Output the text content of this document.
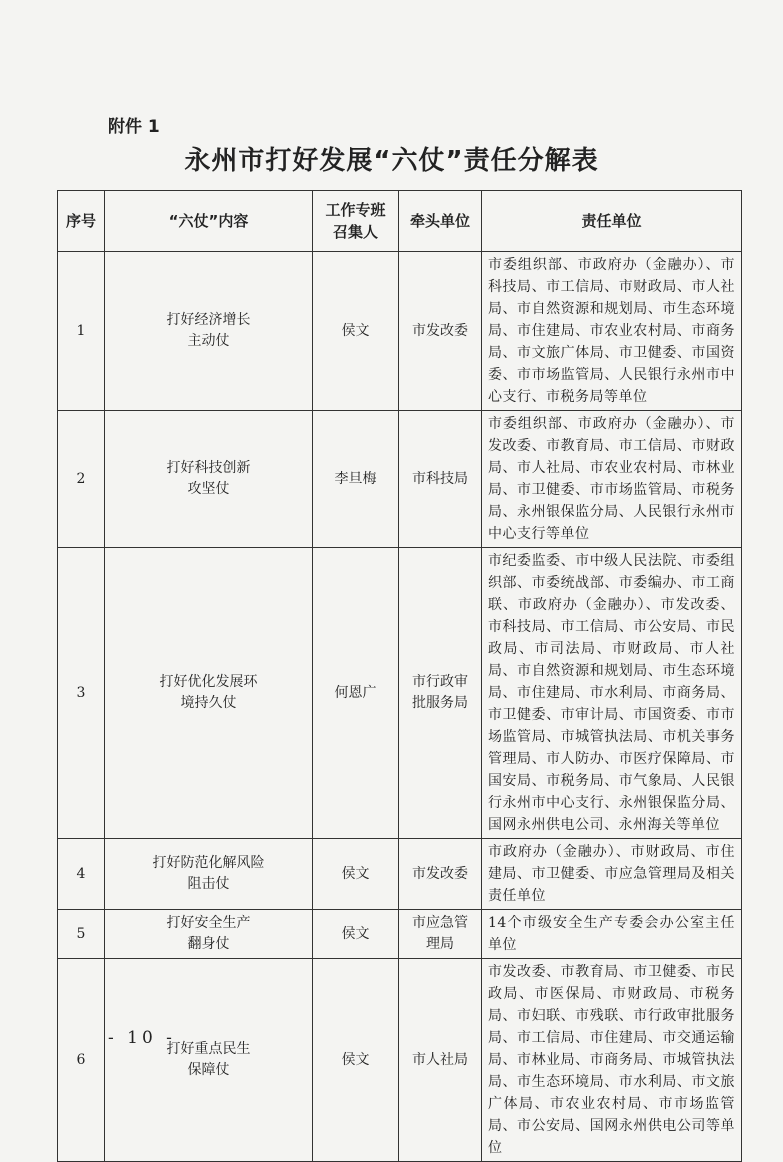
附件 1
永州市打好发展“六仗”责任分解表
序号	“六仗”内容	工作专班召集人	牵头单位	责任单位
1	打好经济增长主动仗	侯文	市发改委	市委组织部、市政府办（金融办）、市科技局、市工信局、市财政局、市人社局、市自然资源和规划局、市生态环境局、市住建局、市农业农村局、市商务局、市文旅广体局、市卫健委、市国资委、市市场监管局、人民银行永州市中心支行、市税务局等单位
2	打好科技创新攻坚仗	李旦梅	市科技局	市委组织部、市政府办（金融办）、市发改委、市教育局、市工信局、市财政局、市人社局、市农业农村局、市林业局、市卫健委、市市场监管局、市税务局、永州银保监分局、人民银行永州市中心支行等单位
3	打好优化发展环境持久仗	何恩广	市行政审批服务局	市纪委监委、市中级人民法院、市委组织部、市委统战部、市委编办、市工商联、市政府办（金融办）、市发改委、市科技局、市工信局、市公安局、市民政局、市司法局、市财政局、市人社局、市自然资源和规划局、市生态环境局、市住建局、市水利局、市商务局、市卫健委、市审计局、市国资委、市市场监管局、市城管执法局、市机关事务管理局、市人防办、市医疗保障局、市国安局、市税务局、市气象局、人民银行永州市中心支行、永州银保监分局、国网永州供电公司、永州海关等单位
4	打好防范化解风险阻击仗	侯文	市发改委	市政府办（金融办）、市财政局、市住建局、市卫健委、市应急管理局及相关责任单位
5	打好安全生产翻身仗	侯文	市应急管理局	14个市级安全生产专委会办公室主任单位
6	打好重点民生保障仗	侯文	市人社局	市发改委、市教育局、市卫健委、市民政局、市医保局、市财政局、市税务局、市妇联、市残联、市行政审批服务局、市工信局、市住建局、市交通运输局、市林业局、市商务局、市城管执法局、市生态环境局、市水利局、市文旅广体局、市农业农村局、市市场监管局、市公安局、国网永州供电公司等单位
- 10 -
